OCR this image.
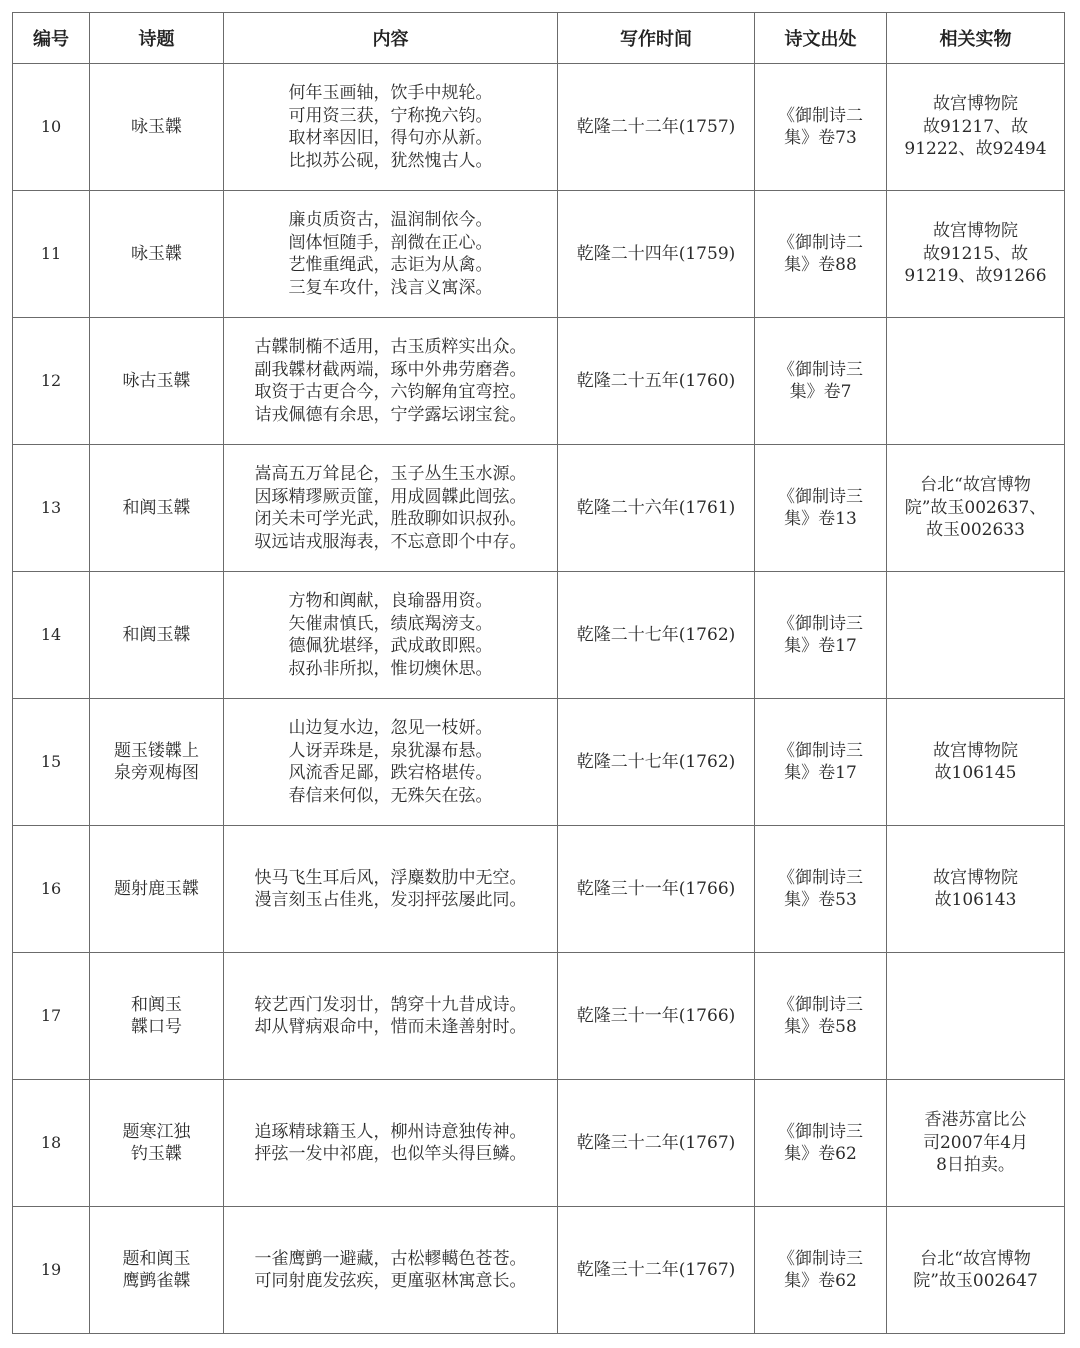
编号	诗题	内容	写作时间	诗文出处	相关实物
10	咏玉韘	何年玉画轴，饮手中规轮。
可用资三获，宁称挽六钧。
取材率因旧，得句亦从新。
比拟苏公砚，犹然愧古人。	乾隆二十二年(1757)	《御制诗二
集》卷73	故宫博物院
故91217、故
91222、故92494

11	咏玉韘	廉贞质资古，温润制依今。
闿体恒随手，剖微在正心。
艺惟重绳武，志讵为从禽。
三复车攻什，浅言义寓深。	乾隆二十四年(1759)	《御制诗二
集》卷88	故宫博物院
故91215、故
91219、故91266

12	咏古玉韘	古韘制椭不适用，古玉质粹实出众。
副我韘材截两端，琢中外弗劳磨砻。
取资于古更合今，六钧解角宜弯控。
诘戎佩德有余思，宁学露坛诩宝瓮。	乾隆二十五年(1760)	《御制诗三
集》卷7	

13	和阗玉韘	嵩高五万耸昆仑，玉子丛生玉水源。
因琢精璆厥贡篚，用成圆韘此闿弦。
闭关未可学光武，胜敌聊如识叔孙。
驭远诘戎服海表，不忘意即个中存。	乾隆二十六年(1761)	《御制诗三
集》卷13	台北“故宫博物
院”故玉002637、
故玉002633

14	和阗玉韘	方物和阗献，良瑜器用资。
矢催肃慎氏，绩底羯滂支。
德佩犹堪绎，武成敢即熙。
叔孙非所拟，惟切燠休思。	乾隆二十七年(1762)	《御制诗三
集》卷17	

15	题玉镂韘上
泉旁观梅图	山边复水边，忽见一枝妍。
人讶弄珠是，泉犹瀑布悬。
风流香足鄙，跌宕格堪传。
春信来何似，无殊矢在弦。	乾隆二十七年(1762)	《御制诗三
集》卷17	故宫博物院
故106145

16	题射鹿玉韘	快马飞生耳后风，浮麋数肋中无空。
漫言刻玉占佳兆，发羽抨弦屡此同。	乾隆三十一年(1766)	《御制诗三
集》卷53	故宫博物院
故106143

17	和阗玉
韘口号	较艺西门发羽廿，鹄穿十九昔成诗。
却从臂病艰命中，惜而未逢善射时。	乾隆三十一年(1766)	《御制诗三
集》卷58	

18	题寒江独
钓玉韘	追琢精球籍玉人，柳州诗意独传神。
抨弦一发中祁鹿，也似竿头得巨鳞。	乾隆三十二年(1767)	《御制诗三
集》卷62	香港苏富比公
司2007年4月
8日拍卖。

19	题和阗玉
鹰鹯雀韘	一雀鹰鹯一避藏，古松轇轕色苍苍。
可同射鹿发弦疾，更廑驱林寓意长。	乾隆三十二年(1767)	《御制诗三
集》卷62	台北“故宫博物
院”故玉002647
